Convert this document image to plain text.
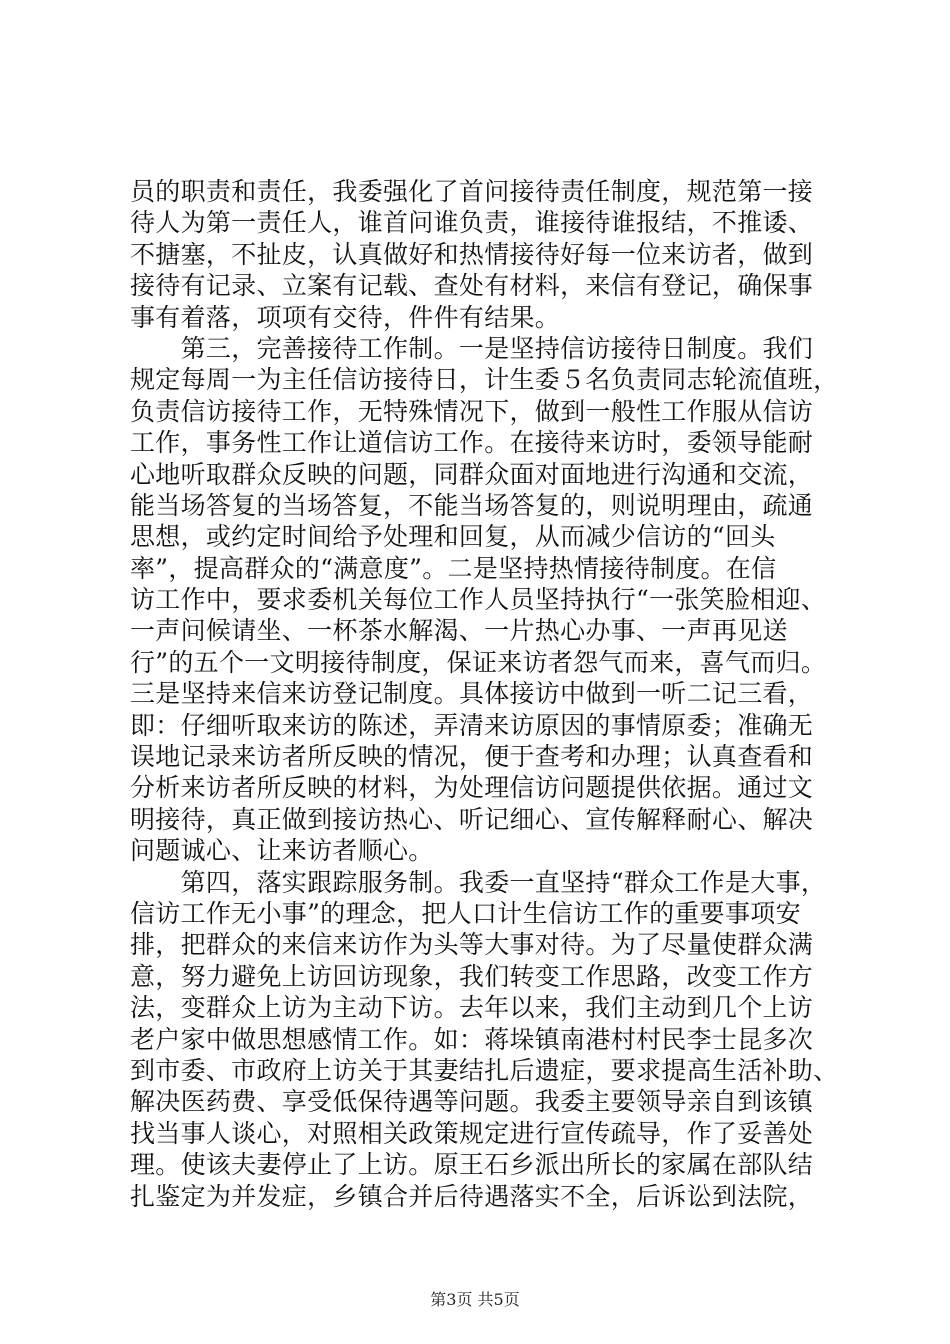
员的职责和责任，我委强化了首问接待责任制度，规范第一接
待人为第一责任人，谁首问谁负责，谁接待谁报结，不推诿、
不搪塞，不扯皮，认真做好和热情接待好每一位来访者，做到
接待有记录、立案有记载、查处有材料，来信有登记，确保事
事有着落，项项有交待，件件有结果。
　　第三，完善接待工作制。一是坚持信访接待日制度。我们
规定每周一为主任信访接待日，计生委５名负责同志轮流值班，
负责信访接待工作，无特殊情况下，做到一般性工作服从信访
工作，事务性工作让道信访工作。在接待来访时，委领导能耐
心地听取群众反映的问题，同群众面对面地进行沟通和交流，
能当场答复的当场答复，不能当场答复的，则说明理由，疏通
思想，或约定时间给予处理和回复，从而减少信访的“回头
率”，提高群众的“满意度”。二是坚持热情接待制度。在信
访工作中，要求委机关每位工作人员坚持执行“一张笑脸相迎、
一声问候请坐、一杯茶水解渴、一片热心办事、一声再见送
行”的五个一文明接待制度，保证来访者怨气而来，喜气而归。
三是坚持来信来访登记制度。具体接访中做到一听二记三看，
即：仔细听取来访的陈述，弄清来访原因的事情原委；准确无
误地记录来访者所反映的情况，便于查考和办理；认真查看和
分析来访者所反映的材料，为处理信访问题提供依据。通过文
明接待，真正做到接访热心、听记细心、宣传解释耐心、解决
问题诚心、让来访者顺心。
　　第四，落实跟踪服务制。我委一直坚持“群众工作是大事，
信访工作无小事”的理念，把人口计生信访工作的重要事项安
排，把群众的来信来访作为头等大事对待。为了尽量使群众满
意，努力避免上访回访现象，我们转变工作思路，改变工作方
法，变群众上访为主动下访。去年以来，我们主动到几个上访
老户家中做思想感情工作。如：蒋垛镇南港村村民李士昆多次
到市委、市政府上访关于其妻结扎后遗症，要求提高生活补助、
解决医药费、享受低保待遇等问题。我委主要领导亲自到该镇
找当事人谈心，对照相关政策规定进行宣传疏导，作了妥善处
理。使该夫妻停止了上访。原王石乡派出所长的家属在部队结
扎鉴定为并发症，乡镇合并后待遇落实不全，后诉讼到法院，
第3页 共5页
